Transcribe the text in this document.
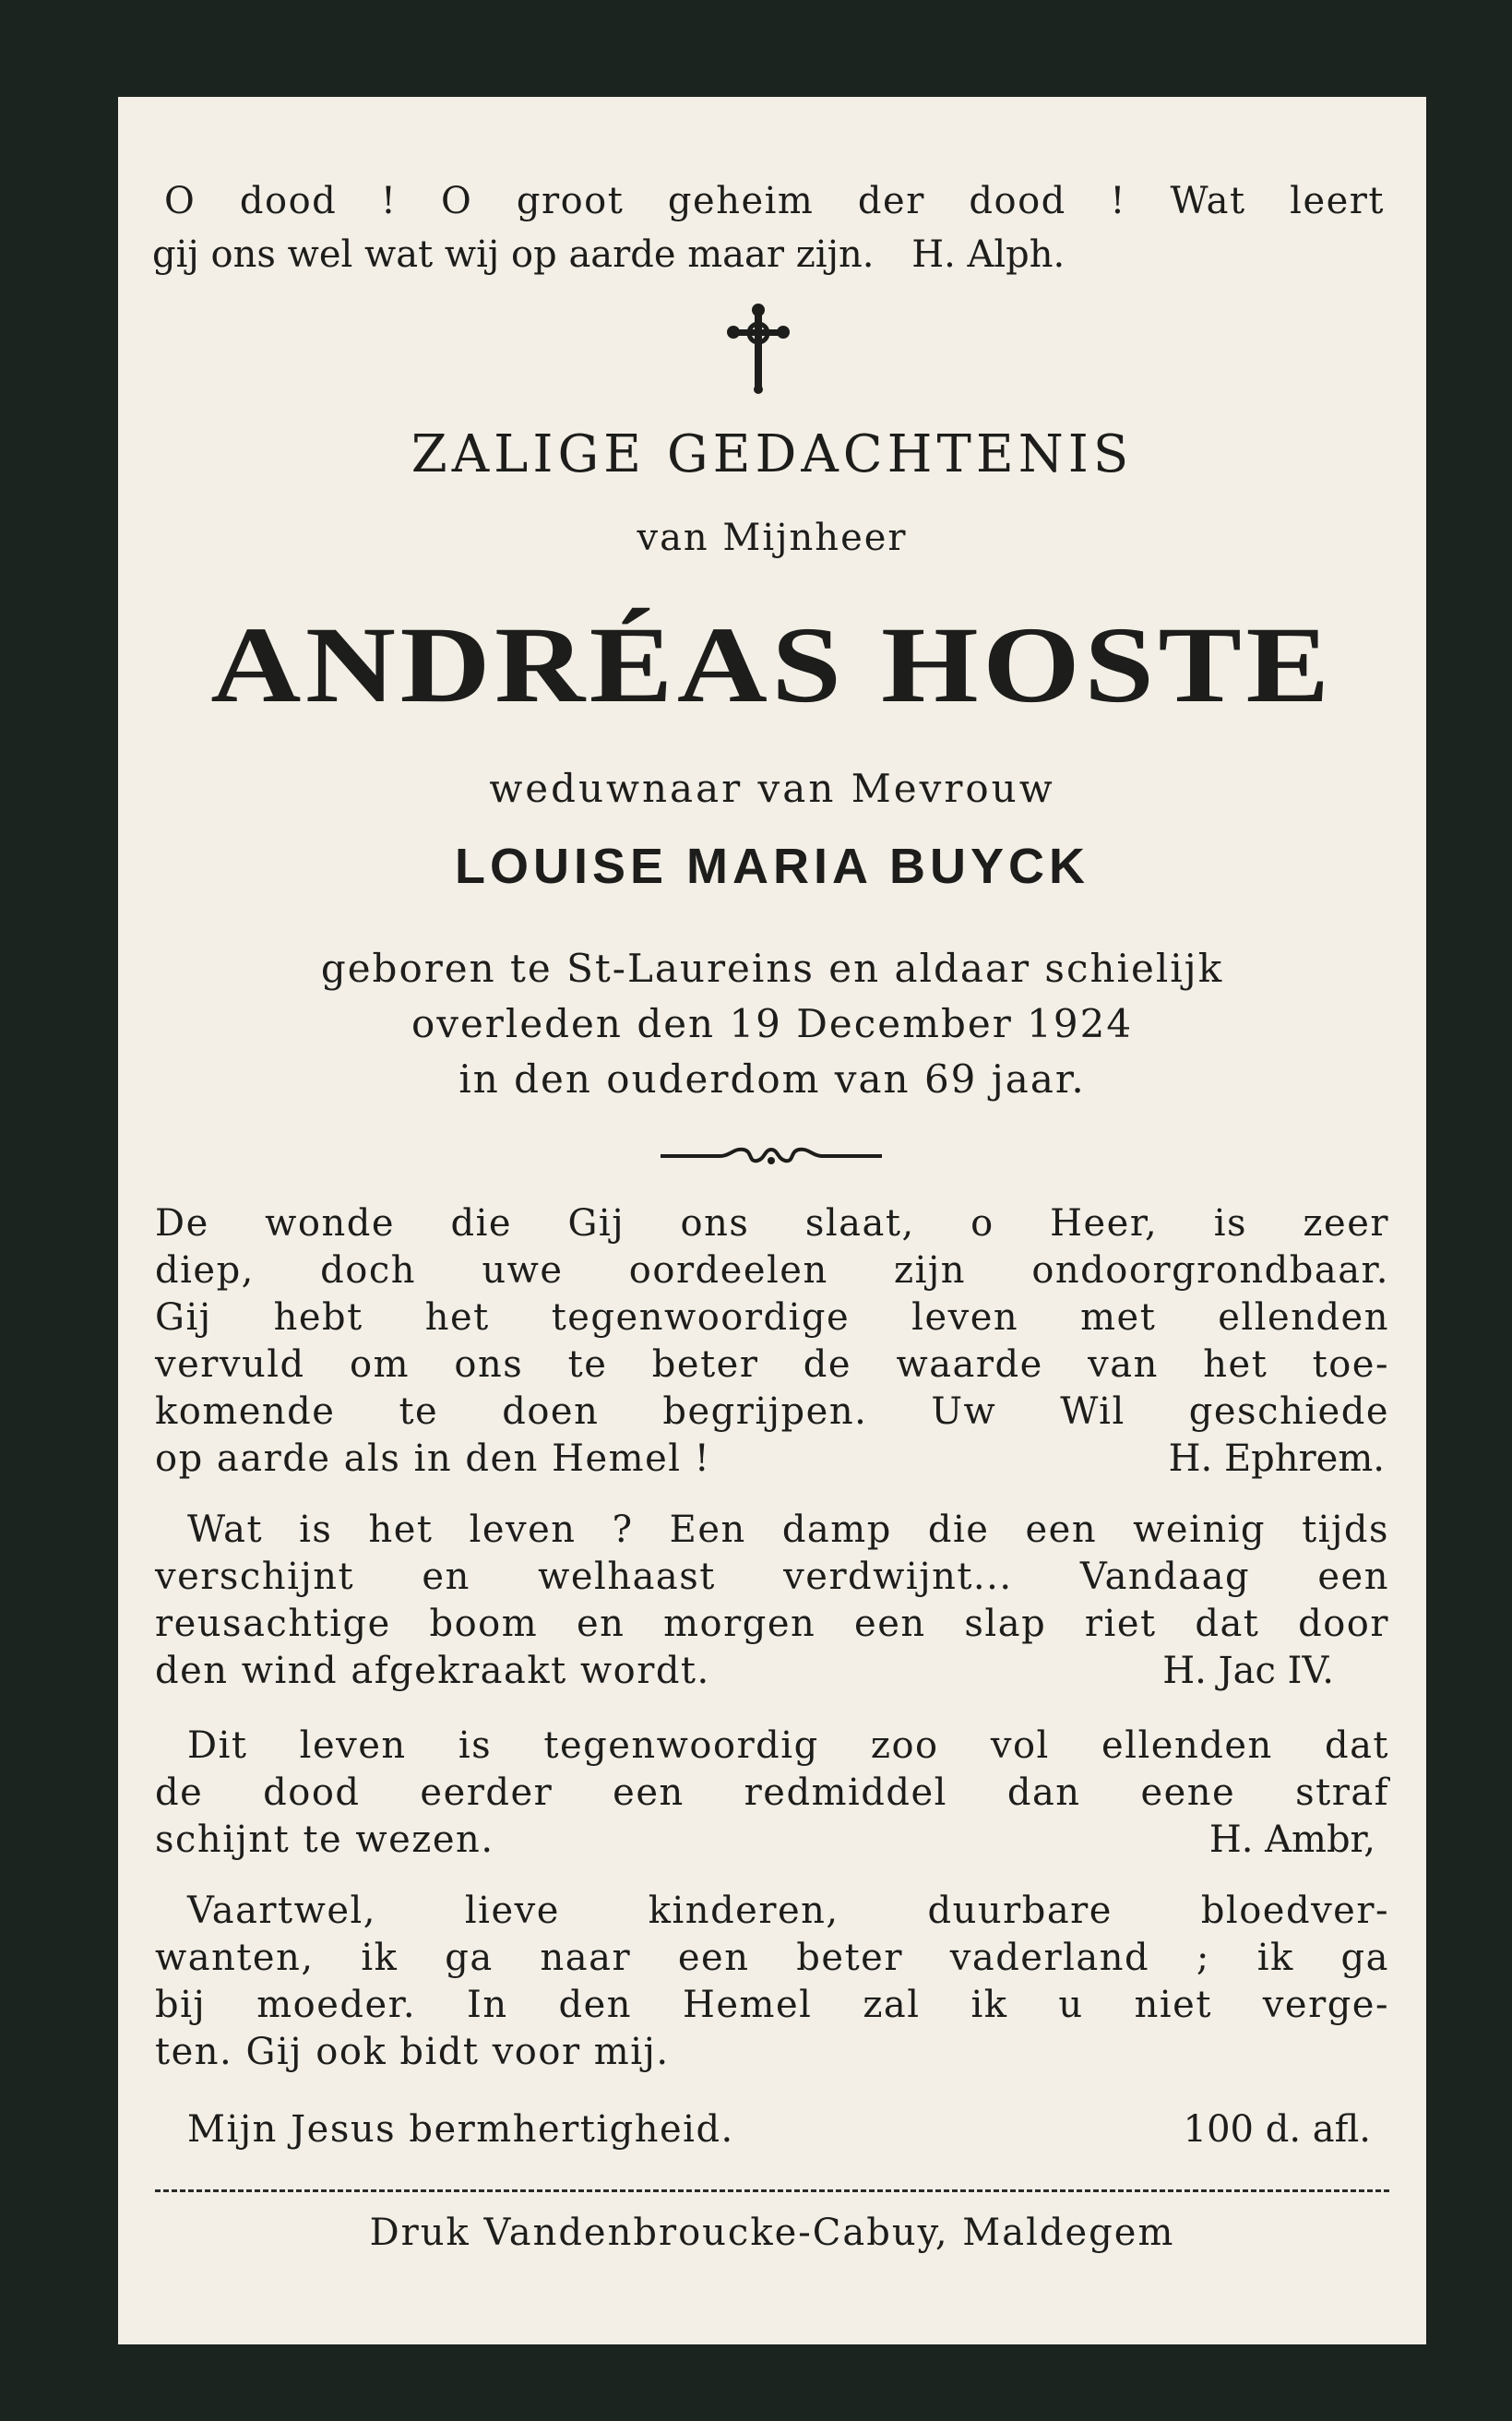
O dood ! O groot geheim der dood ! Wat leert
gij ons wel wat wij op aarde maar zijn. H. Alph.
ZALIGE GEDACHTENIS
van Mijnheer
ANDRÉAS HOSTE
weduwnaar van Mevrouw
LOUISE MARIA BUYCK
geboren te St-Laureins en aldaar schielijk
overleden den 19 December 1924
in den ouderdom van 69 jaar.
De wonde die Gij ons slaat, o Heer, is zeer
diep, doch uwe oordeelen zijn ondoorgrondbaar.
Gij hebt het tegenwoordige leven met ellenden
vervuld om ons te beter de waarde van het toe-
komende te doen begrijpen. Uw Wil geschiede
op aarde als in den Hemel !	H. Ephrem.
Wat is het leven ? Een damp die een weinig tijds
verschijnt en welhaast verdwijnt... Vandaag een
reusachtige boom en morgen een slap riet dat door
den wind afgekraakt wordt.	H. Jac IV.
Dit leven is tegenwoordig zoo vol ellenden dat
de dood eerder een redmiddel dan eene straf
schijnt te wezen.	H. Ambr,
Vaartwel, lieve kinderen, duurbare bloedver-
wanten, ik ga naar een beter vaderland ; ik ga
bij moeder. In den Hemel zal ik u niet verge-
ten. Gij ook bidt voor mij.
Mijn Jesus bermhertigheid.	100 d. afl.
Druk Vandenbroucke-Cabuy, Maldegem
